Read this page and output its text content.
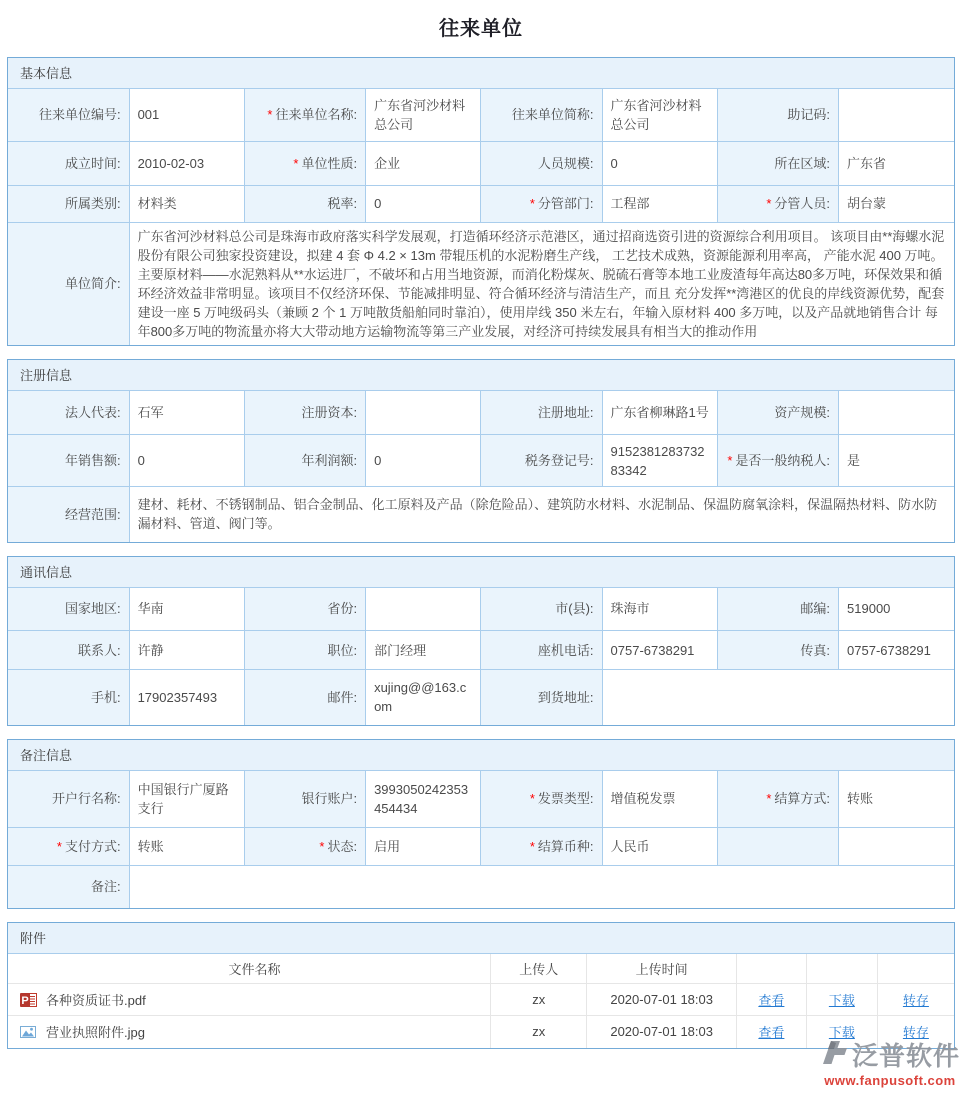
往来单位
基本信息
往来单位编号:	001	* 往来单位名称:	广东省河沙材料总公司	往来单位简称:	广东省河沙材料总公司	助记码:	
成立时间:	2010-02-03	* 单位性质:	企业	人员规模:	0	所在区域:	广东省
所属类别:	材料类	税率:	0	* 分管部门:	工程部	* 分管人员:	胡台蒙
单位简介:	广东省河沙材料总公司是珠海市政府落实科学发展观，打造循环经济示范港区，通过招商选资引进的资源综合利用项目。 该项目由**海螺水泥股份有限公司独家投资建设，拟建 4 套 Φ 4.2 × 13m 带辊压机的水泥粉磨生产线， 工艺技术成熟，资源能源利用率高， 产能水泥 400 万吨。 主要原材料——水泥熟料从**水运进厂，不破坏和占用当地资源，而消化粉煤灰、脱硫石膏等本地工业废渣每年高达80多万吨，环保效果和循环经济效益非常明显。该项目不仅经济环保、节能减排明显、符合循环经济与清洁生产，而且 充分发挥**湾港区的优良的岸线资源优势，配套建设一座 5 万吨级码头（兼顾 2 个 1 万吨散货船舶同时靠泊），使用岸线 350 米左右，年输入原材料 400 多万吨，以及产品就地销售合计 每年800多万吨的物流量亦将大大带动地方运输物流等第三产业发展，对经济可持续发展具有相当大的推动作用						
注册信息
法人代表:	石军	注册资本:		注册地址:	广东省柳琳路1号	资产规模:	
年销售额:	0	年利润额:	0	税务登记号:	915238128373283342	* 是否一般纳税人:	是
经营范围:	建材、耗材、不锈钢制品、铝合金制品、化工原料及产品（除危险品）、建筑防水材料、水泥制品、保温防腐氧涂料，保温隔热材料、防水防漏材料、管道、阀门等。						
通讯信息
国家地区:	华南	省份:		市(县):	珠海市	邮编:	519000
联系人:	许静	职位:	部门经理	座机电话:	0757-6738291	传真:	0757-6738291
手机:	17902357493	邮件:	xujing@@163.com	到货地址:			
备注信息
开户行名称:	中国银行广厦路支行	银行账户:	3993050242353454434	* 发票类型:	增值税发票	* 结算方式:	转账
* 支付方式:	转账	* 状态:	启用	* 结算币种:	人民币		
备注:							
附件
文件名称	上传人	上传时间			

P 各种资质证书.pdf	zx	2020-07-01 18:03	查看	下载	转存

营业执照附件.jpg	zx	2020-07-01 18:03	查看	下载	转存
泛普软件
www.fanpusoft.com
